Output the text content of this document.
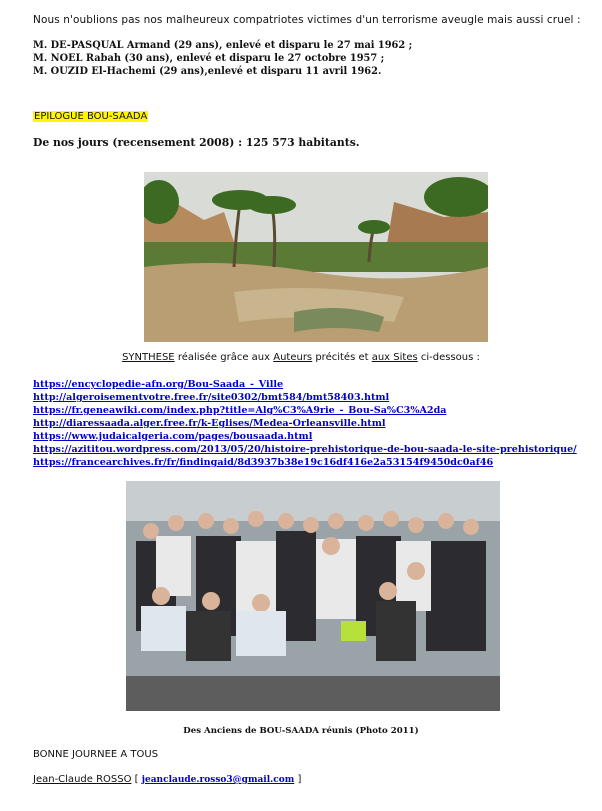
Nous n'oublions pas nos malheureux compatriotes victimes d'un terrorisme aveugle mais aussi cruel :
M. DE-PASQUAL Armand (29 ans), enlevé et disparu le 27 mai 1962 ;
M. NOEL Rabah (30 ans), enlevé et disparu le 27 octobre 1957 ;
M. OUZID El-Hachemi (29 ans),enlevé et disparu 11 avril 1962.
EPILOGUE BOU-SAADA
De nos jours (recensement 2008) : 125 573 habitants.
SYNTHESE réalisée grâce aux Auteurs précités et aux Sites ci-dessous :
https://encyclopedie-afn.org/Bou-Saada_-_Ville
http://algeroisementvotre.free.fr/site0302/bmt584/bmt58403.html
https://fr.geneawiki.com/index.php?title=Alg%C3%A9rie_-_Bou-Sa%C3%A2da
http://diaressaada.alger.free.fr/k-Eglises/Medea-Orleansville.html
https://www.judaicalgeria.com/pages/bousaada.html
https://azititou.wordpress.com/2013/05/20/histoire-prehistorique-de-bou-saada-le-site-prehistorique/
https://francearchives.fr/fr/findingaid/8d3937b38e19c16df416e2a53154f9450dc0af46
Des Anciens de BOU-SAADA réunis (Photo 2011)
BONNE JOURNEE A TOUS
Jean-Claude ROSSO [ jeanclaude.rosso3@gmail.com ]
